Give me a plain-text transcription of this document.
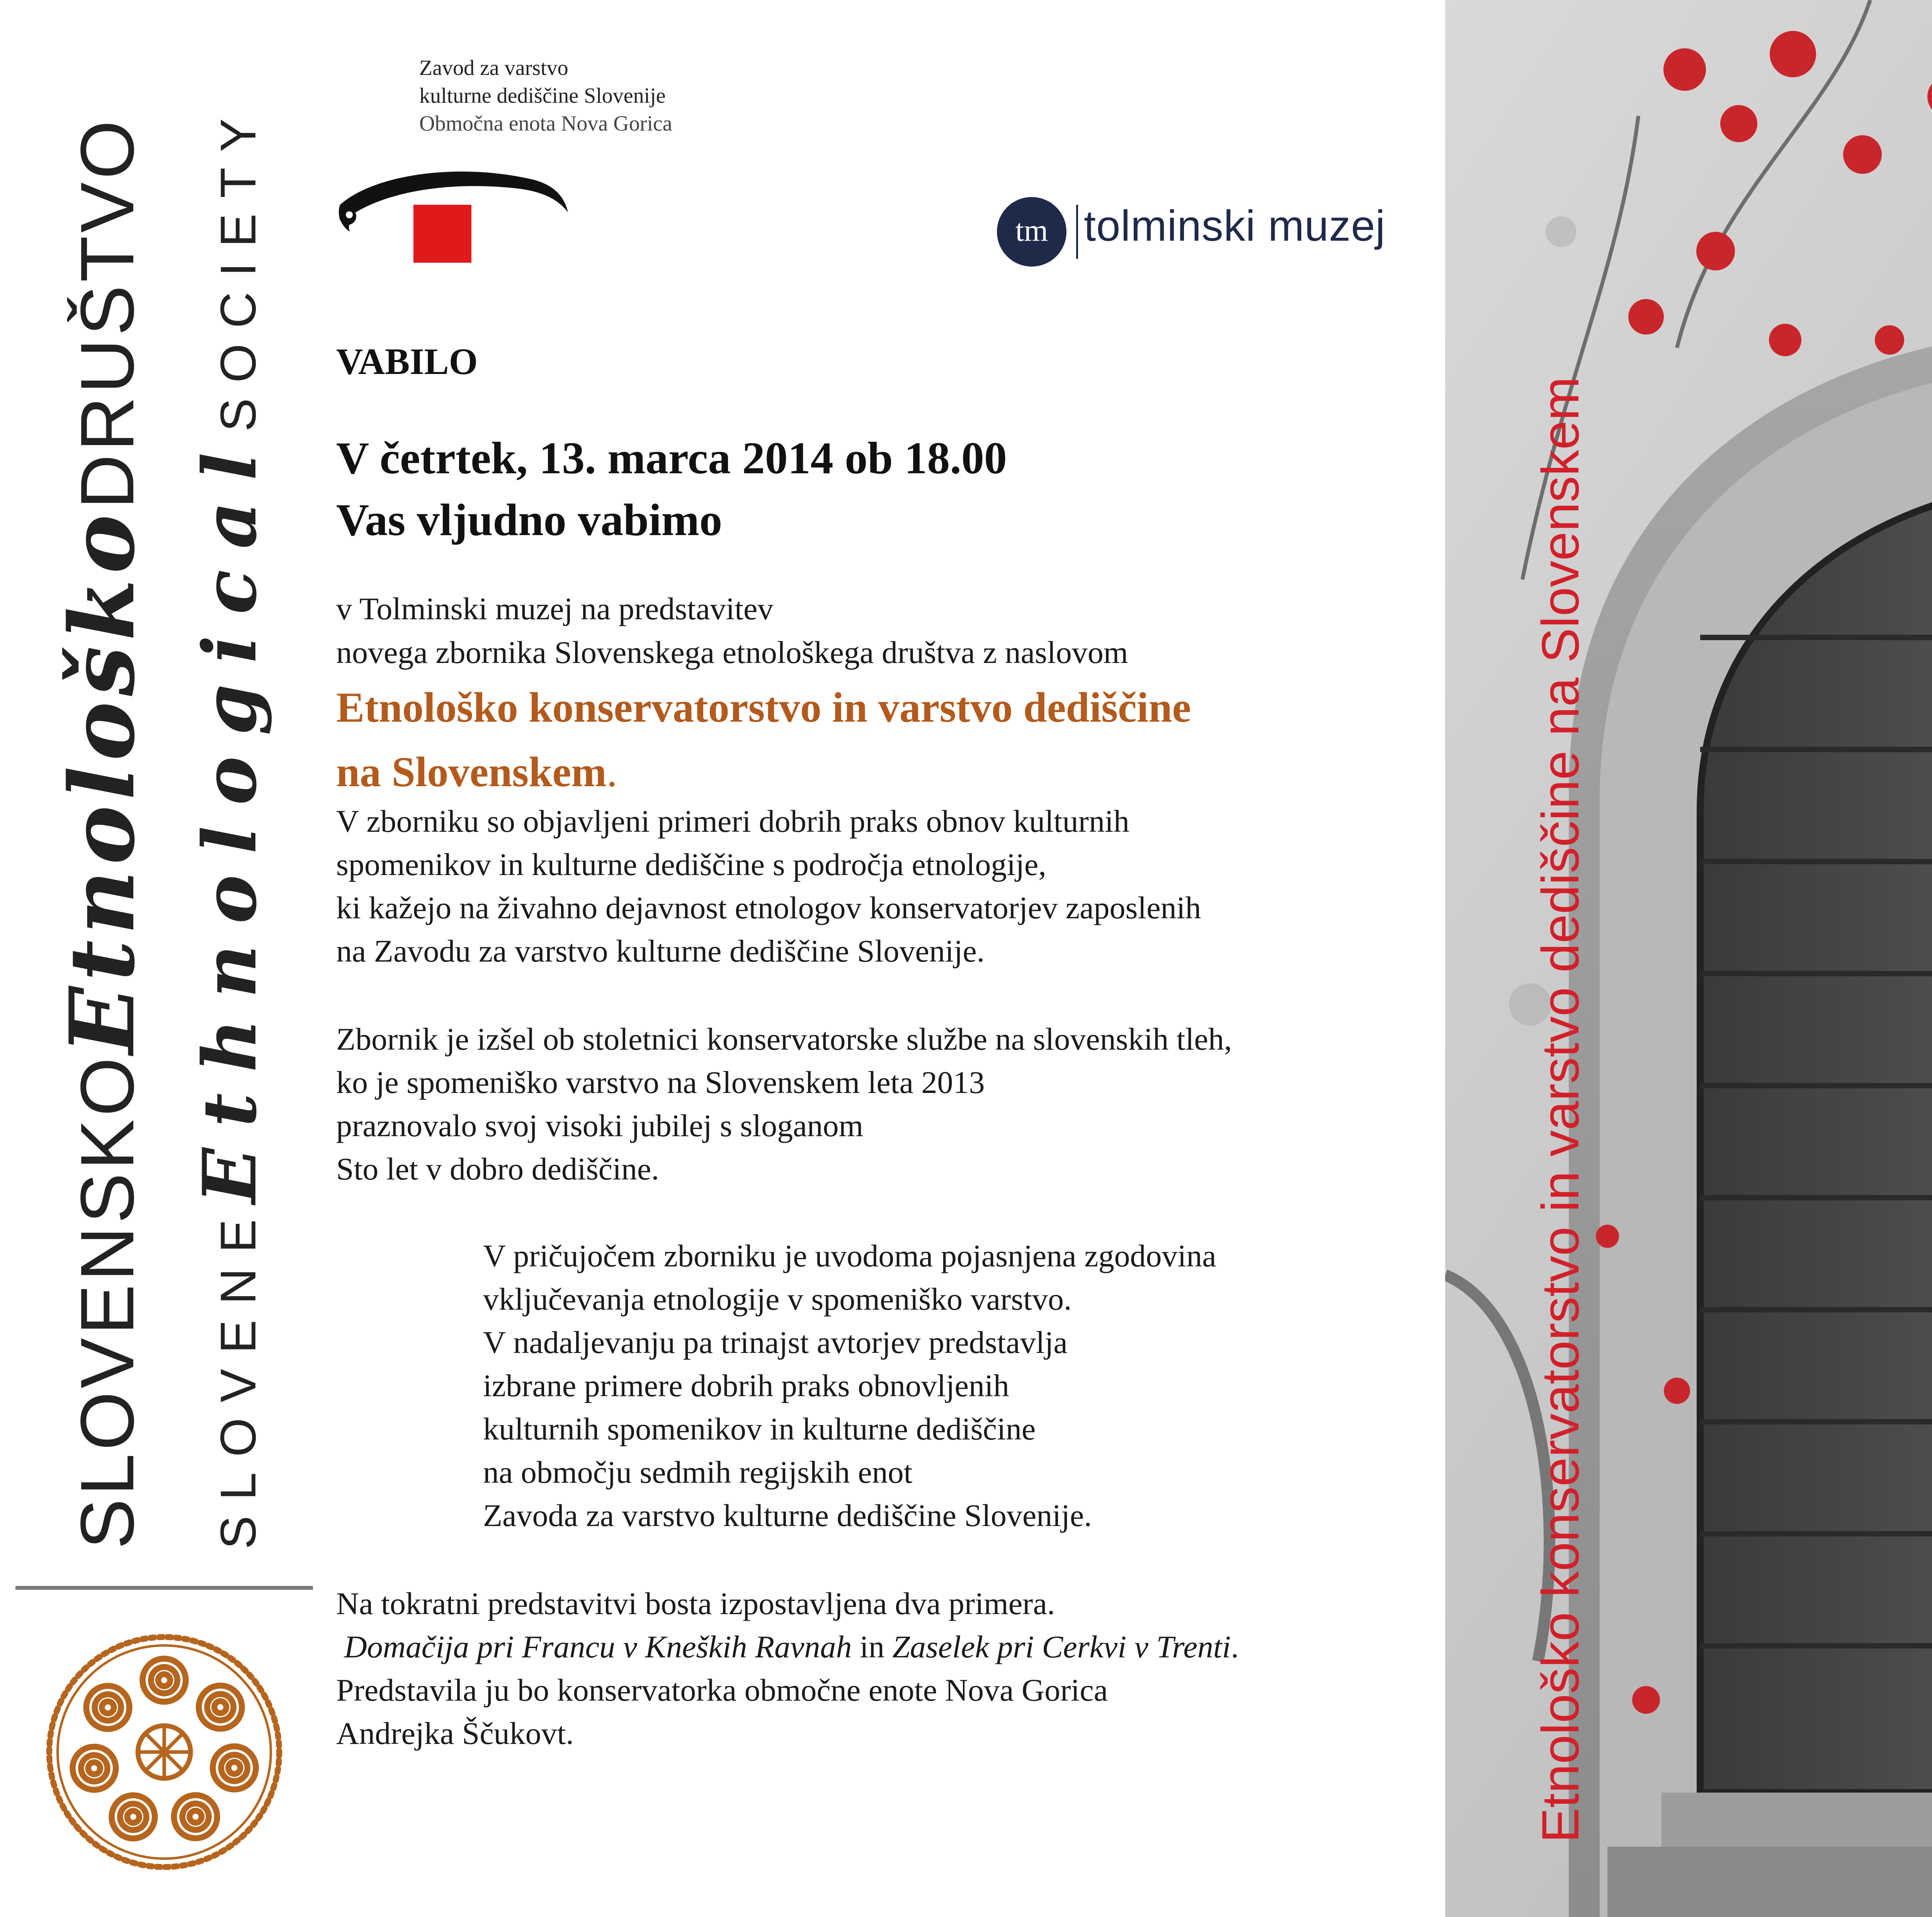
SLOVENSKOEtnološkoDRUŠTVO
SLOVENEEthnologicalSOCIETY
Zavod za varstvo
kulturne dediščine Slovenije
Območna enota Nova Gorica
tm tolminski muzej
VABILO
V četrtek, 13. marca 2014 ob 18.00
Vas vljudno vabimo
v Tolminski muzej na predstavitev
novega zbornika Slovenskega etnološkega društva z naslovom
Etnološko konservatorstvo in varstvo dediščine
na Slovenskem.
V zborniku so objavljeni primeri dobrih praks obnov kulturnih
spomenikov in kulturne dediščine s področja etnologije,
ki kažejo na živahno dejavnost etnologov konservatorjev zaposlenih
na Zavodu za varstvo kulturne dediščine Slovenije.
Zbornik je izšel ob stoletnici konservatorske službe na slovenskih tleh,
ko je spomeniško varstvo na Slovenskem leta 2013
praznovalo svoj visoki jubilej s sloganom
Sto let v dobro dediščine.
V pričujočem zborniku je uvodoma pojasnjena zgodovina
vključevanja etnologije v spomeniško varstvo.
V nadaljevanju pa trinajst avtorjev predstavlja
izbrane primere dobrih praks obnovljenih
kulturnih spomenikov in kulturne dediščine
na območju sedmih regijskih enot
Zavoda za varstvo kulturne dediščine Slovenije.
Na tokratni predstavitvi bosta izpostavljena dva primera.
Domačija pri Francu v Kneških Ravnah in Zaselek pri Cerkvi v Trenti.
Predstavila ju bo konservatorka območne enote Nova Gorica
Andrejka Ščukovt.	Etnološko konservatorstvo in varstvo dediščine na Slovenskem
